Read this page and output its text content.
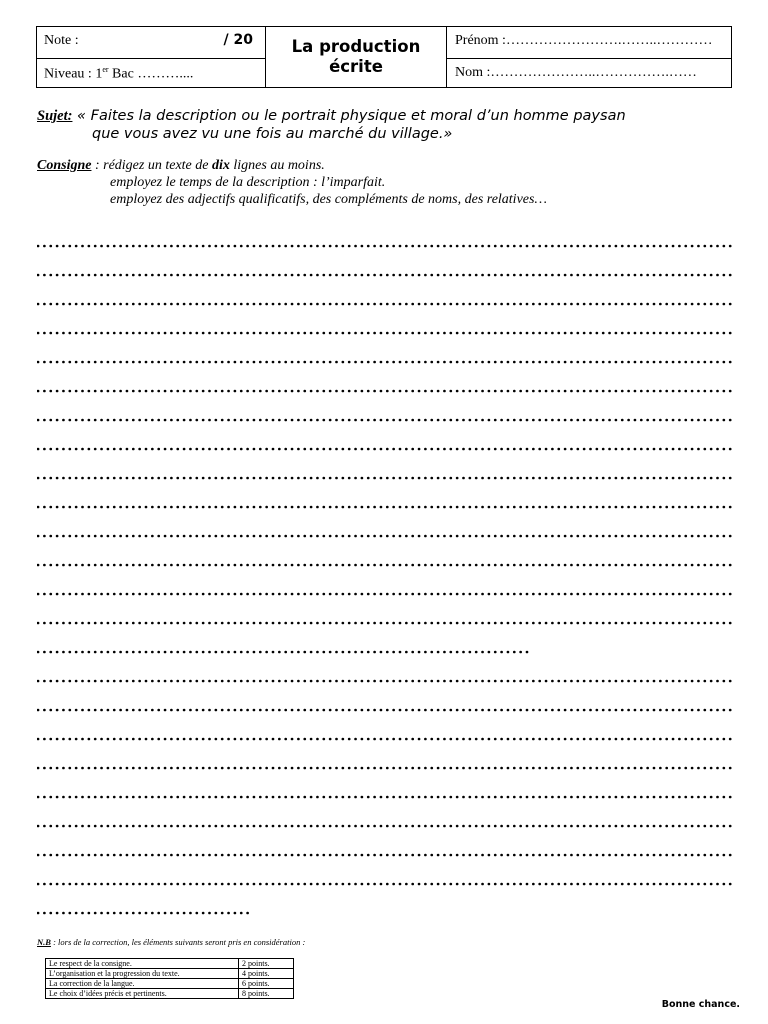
Note :	/ 20
Niveau : 1er Bac ………....
La production
écrite
Prénom :…………………….……..…………
Nom :…………………..…………….……
Sujet: « Faites la description ou le portrait physique et moral d’un homme paysan
que vous avez vu une fois au marché du village.»
Consigne : rédigez un texte de dix lignes au moins.
employez le temps de la description : l’imparfait.
employez des adjectifs qualificatifs, des compléments de noms, des relatives…
N.B : lors de la correction, les éléments suivants seront pris en considération :
Le respect de la consigne.	2 points.
L’organisation et la progression du texte.	4 points.
La correction de la langue.	6 points.
Le choix d’idées précis et pertinents.	8 points.
Bonne chance.
